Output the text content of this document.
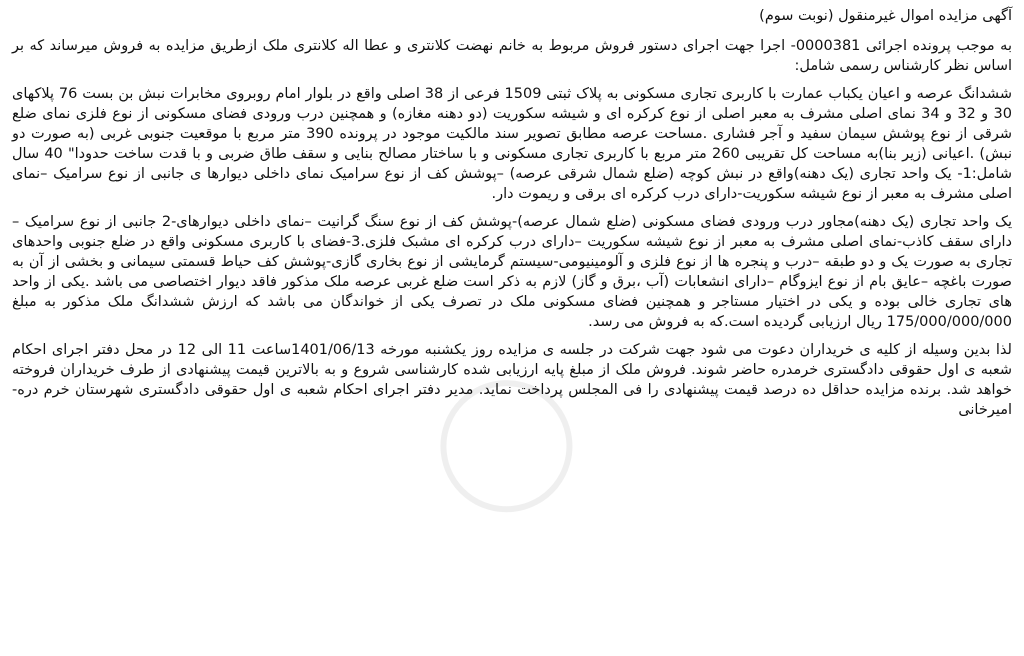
آگهی مزایده اموال غیرمنقول (نوبت سوم)

به موجب پرونده اجرائی 0000381- اجرا جهت اجرای دستور فروش مربوط به خانم نهضت کلانتری و عطا اله کلانتری ملک ازطریق مزایده به فروش میرساند که بر اساس نظر کارشناس رسمی شامل:

ششدانگ عرصه و اعیان یکباب عمارت با کاربری تجاری مسکونی به پلاک ثبتی 1509 فرعی از 38 اصلی واقع در بلوار امام روبروی مخابرات نبش بن بست 76 پلاکهای 30 و 32 و 34 نمای اصلی مشرف به معبر اصلی از نوع کرکره ای و شیشه سکوریت (دو دهنه مغازه) و همچنین درب ورودی فضای مسکونی از نوع فلزی نمای ضلع شرقی از نوع پوشش سیمان سفید و آجر فشاری .مساحت عرصه مطابق تصویر سند مالکیت موجود در پرونده 390 متر مربع با موقعیت جنوبی غربی (به صورت دو نبش) .اعیانی (زیر بنا)به مساحت کل تقریبی 260 متر مربع با کاربری تجاری مسکونی و با ساختار مصالح بنایی و سقف طاق ضربی و با قدت ساخت حدودا" 40 سال شامل:1- یک واحد تجاری (یک دهنه)واقع در نبش کوچه (ضلع شمال شرقی عرصه) –پوشش کف از نوع سرامیک نمای داخلی دیوارها ی جانبی از نوع سرامیک –نمای اصلی مشرف به معبر از نوع شیشه سکوریت-دارای درب کرکره ای برقی و ریموت دار.

یک واحد تجاری (یک دهنه)مجاور درب ورودی فضای مسکونی (ضلع شمال عرصه)-پوشش کف از نوع سنگ گرانیت –نمای داخلی دیوارهای-2 جانبی از نوع سرامیک –دارای سقف کاذب-نمای اصلی مشرف به معبر از نوع شیشه سکوریت –دارای درب کرکره ای مشبک فلزی.3-فضای با کاربری مسکونی واقع در ضلع جنوبی واحدهای تجاری به صورت یک و دو طبقه –درب و پنجره ها از نوع فلزی و آلومینیومی-سیستم گرمایشی از نوع بخاری گازی-پوشش کف حیاط قسمتی سیمانی و بخشی از آن به صورت باغچه –عایق بام از نوع ایزوگام –دارای انشعابات (آب ،برق و گاز) لازم به ذکر است ضلع غربی عرصه ملک مذکور فاقد دیوار اختصاصی می باشد .یکی از واحد های تجاری خالی بوده و یکی در اختیار مستاجر و همچنین فضای مسکونی ملک در تصرف یکی از خواندگان می باشد که ارزش ششدانگ ملک مذکور به مبلغ 175/000/000/000 ریال ارزیابی گردیده است.که به فروش می رسد.

لذا بدین وسیله از کلیه ی خریداران دعوت می شود جهت شرکت در جلسه ی مزایده روز یکشنبه مورخه 1401/06/13ساعت 11 الی 12 در محل دفتر اجرای احکام شعبه ی اول حقوقی دادگستری خرمدره حاضر شوند. فروش ملک از مبلغ پایه ارزیابی شده کارشناسی شروع و به بالاترین قیمت پیشنهادی از طرف خریداران فروخته خواهد شد. برنده مزایده حداقل ده درصد قیمت پیشنهادی را فی المجلس پرداخت نماید. مدیر دفتر اجرای احکام شعبه ی اول حقوقی دادگستری شهرستان خرم دره-امیرخانی
